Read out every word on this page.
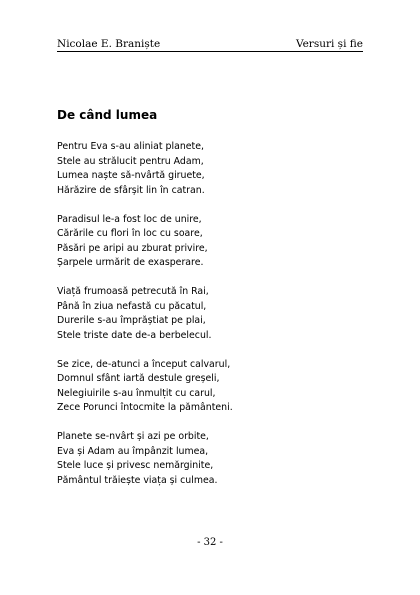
Nicolae E. Braniște	Versuri și fie
De când lumea
Pentru Eva s-au aliniat planete,
Stele au strălucit pentru Adam,
Lumea naște să-nvârtă giruete,
Hărăzire de sfârșit lin în catran.
Paradisul le-a fost loc de unire,
Cărările cu flori în loc cu soare,
Păsări pe aripi au zburat privire,
Șarpele urmărit de exasperare.
Viață frumoasă petrecută în Rai,
Până în ziua nefastă cu păcatul,
Durerile s-au împrăștiat pe plai,
Stele triste date de-a berbelecul.
Se zice, de-atunci a început calvarul,
Domnul sfânt iartă destule greșeli,
Nelegiuirile s-au înmulțit cu carul,
Zece Porunci întocmite la pământeni.
Planete se-nvârt și azi pe orbite,
Eva și Adam au împânzit lumea,
Stele luce și privesc nemărginite,
Pământul trăiește viața și culmea.
- 32 -
